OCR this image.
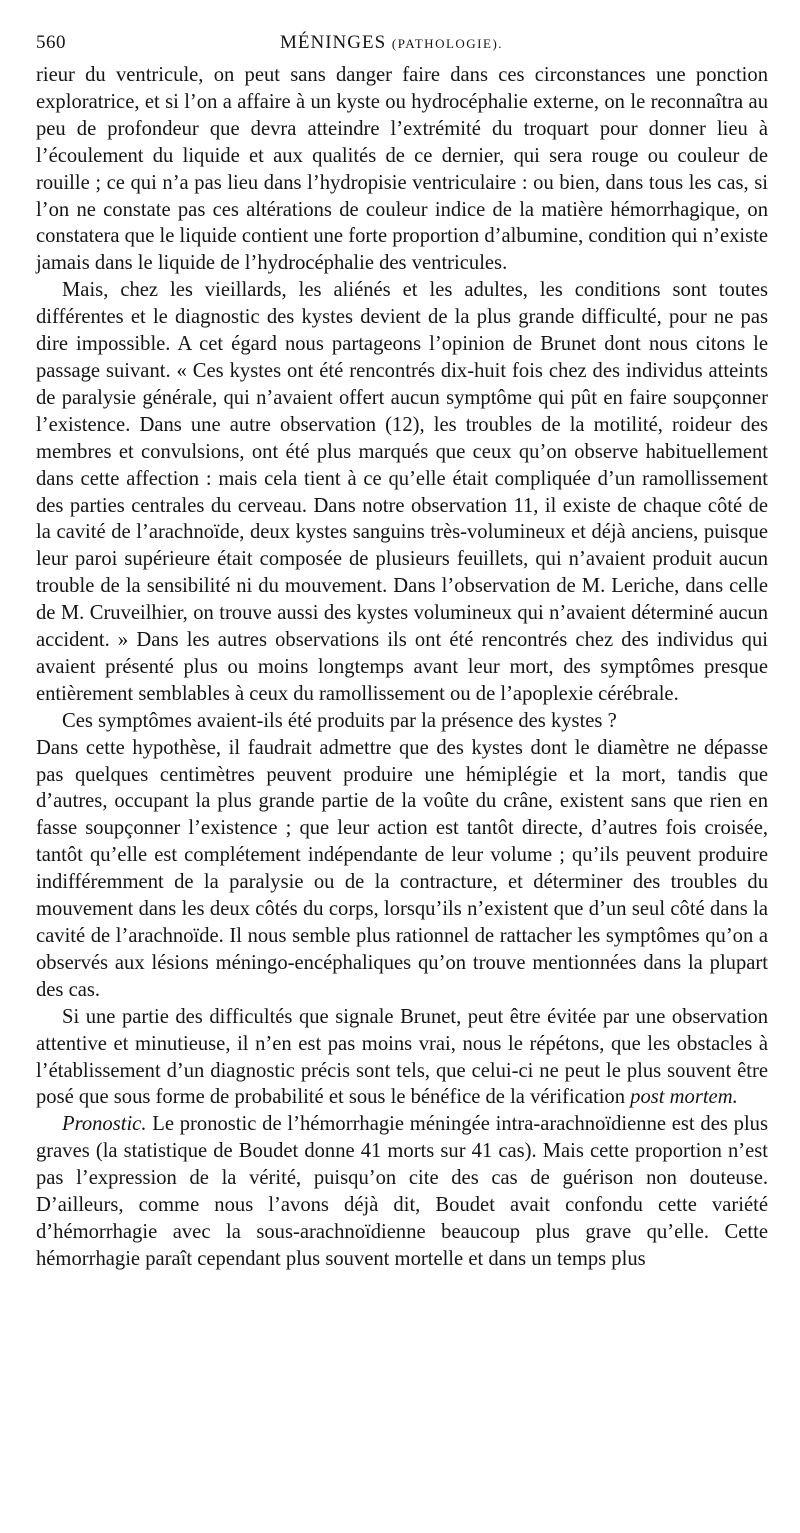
560	MÉNINGES (PATHOLOGIE).

rieur du ventricule, on peut sans danger faire dans ces circonstances une ponction exploratrice, et si l’on a affaire à un kyste ou hydrocéphalie externe, on le reconnaîtra au peu de profondeur que devra atteindre l’extrémité du troquart pour donner lieu à l’écoulement du liquide et aux qualités de ce dernier, qui sera rouge ou couleur de rouille ; ce qui n’a pas lieu dans l’hydropisie ventriculaire : ou bien, dans tous les cas, si l’on ne constate pas ces altérations de couleur indice de la matière hémorrhagique, on constatera que le liquide contient une forte proportion d’albumine, condition qui n’existe jamais dans le liquide de l’hydrocéphalie des ventricules.

Mais, chez les vieillards, les aliénés et les adultes, les conditions sont toutes différentes et le diagnostic des kystes devient de la plus grande difficulté, pour ne pas dire impossible. A cet égard nous partageons l’opinion de Brunet dont nous citons le passage suivant. « Ces kystes ont été rencontrés dix-huit fois chez des individus atteints de paralysie générale, qui n’avaient offert aucun symptôme qui pût en faire soupçonner l’existence. Dans une autre observation (12), les troubles de la motilité, roideur des membres et convulsions, ont été plus marqués que ceux qu’on observe habituellement dans cette affection : mais cela tient à ce qu’elle était compliquée d’un ramollissement des parties centrales du cerveau. Dans notre observation 11, il existe de chaque côté de la cavité de l’arachnoïde, deux kystes sanguins très-volumineux et déjà anciens, puisque leur paroi supérieure était composée de plusieurs feuillets, qui n’avaient produit aucun trouble de la sensibilité ni du mouvement. Dans l’observation de M. Leriche, dans celle de M. Cruveilhier, on trouve aussi des kystes volumineux qui n’avaient déterminé aucun accident. » Dans les autres observations ils ont été rencontrés chez des individus qui avaient présenté plus ou moins longtemps avant leur mort, des symptômes presque entièrement semblables à ceux du ramollissement ou de l’apoplexie cérébrale.

Ces symptômes avaient-ils été produits par la présence des kystes ?

Dans cette hypothèse, il faudrait admettre que des kystes dont le diamètre ne dépasse pas quelques centimètres peuvent produire une hémiplégie et la mort, tandis que d’autres, occupant la plus grande partie de la voûte du crâne, existent sans que rien en fasse soupçonner l’existence ; que leur action est tantôt directe, d’autres fois croisée, tantôt qu’elle est complétement indépendante de leur volume ; qu’ils peuvent produire indifféremment de la paralysie ou de la contracture, et déterminer des troubles du mouvement dans les deux côtés du corps, lorsqu’ils n’existent que d’un seul côté dans la cavité de l’arachnoïde. Il nous semble plus rationnel de rattacher les symptômes qu’on a observés aux lésions méningo-encéphaliques qu’on trouve mentionnées dans la plupart des cas.

Si une partie des difficultés que signale Brunet, peut être évitée par une observation attentive et minutieuse, il n’en est pas moins vrai, nous le répétons, que les obstacles à l’établissement d’un diagnostic précis sont tels, que celui-ci ne peut le plus souvent être posé que sous forme de probabilité et sous le bénéfice de la vérification post mortem.

Pronostic. Le pronostic de l’hémorrhagie méningée intra-arachnoïdienne est des plus graves (la statistique de Boudet donne 41 morts sur 41 cas). Mais cette proportion n’est pas l’expression de la vérité, puisqu’on cite des cas de guérison non douteuse. D’ailleurs, comme nous l’avons déjà dit, Boudet avait confondu cette variété d’hémorrhagie avec la sous-arachnoïdienne beaucoup plus grave qu’elle. Cette hémorrhagie paraît cependant plus souvent mortelle et dans un temps plus
